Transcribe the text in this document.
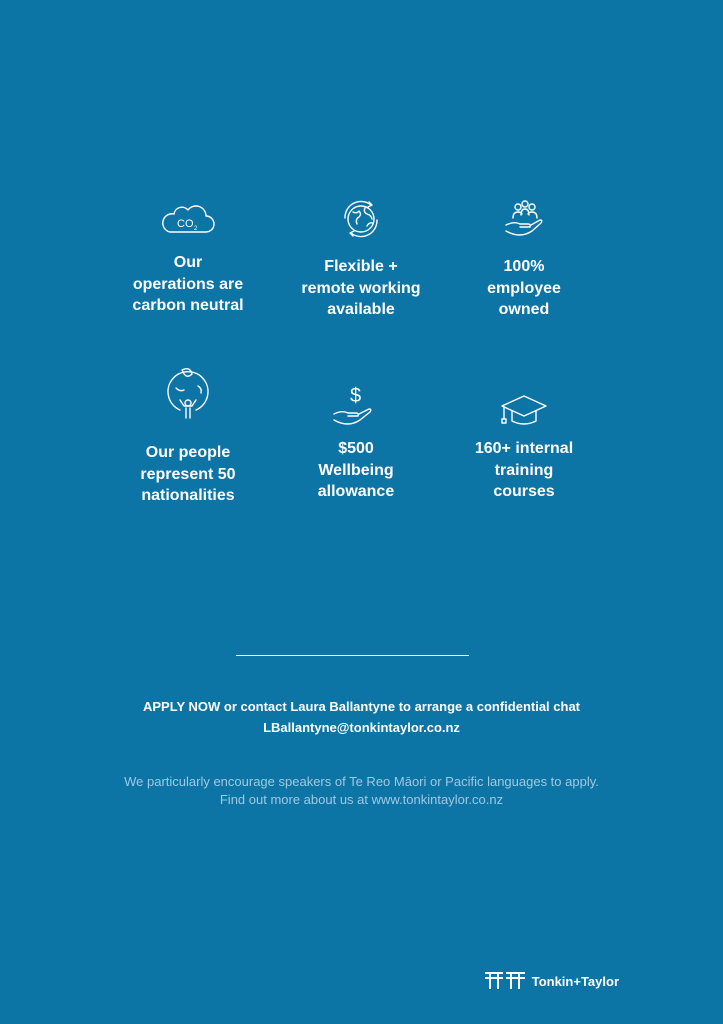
CO 2
Our
operations are
carbon neutral
Flexible +
remote working
available
100%
employee
owned
Our people
represent 50
nationalities
$
$500
Wellbeing
allowance
160+ internal
training
courses
APPLY NOW or contact Laura Ballantyne to arrange a confidential chat
LBallantyne@tonkintaylor.co.nz
We particularly encourage speakers of Te Reo Māori or Pacific languages to apply.
Find out more about us at www.tonkintaylor.co.nz
Tonkin+Taylor
